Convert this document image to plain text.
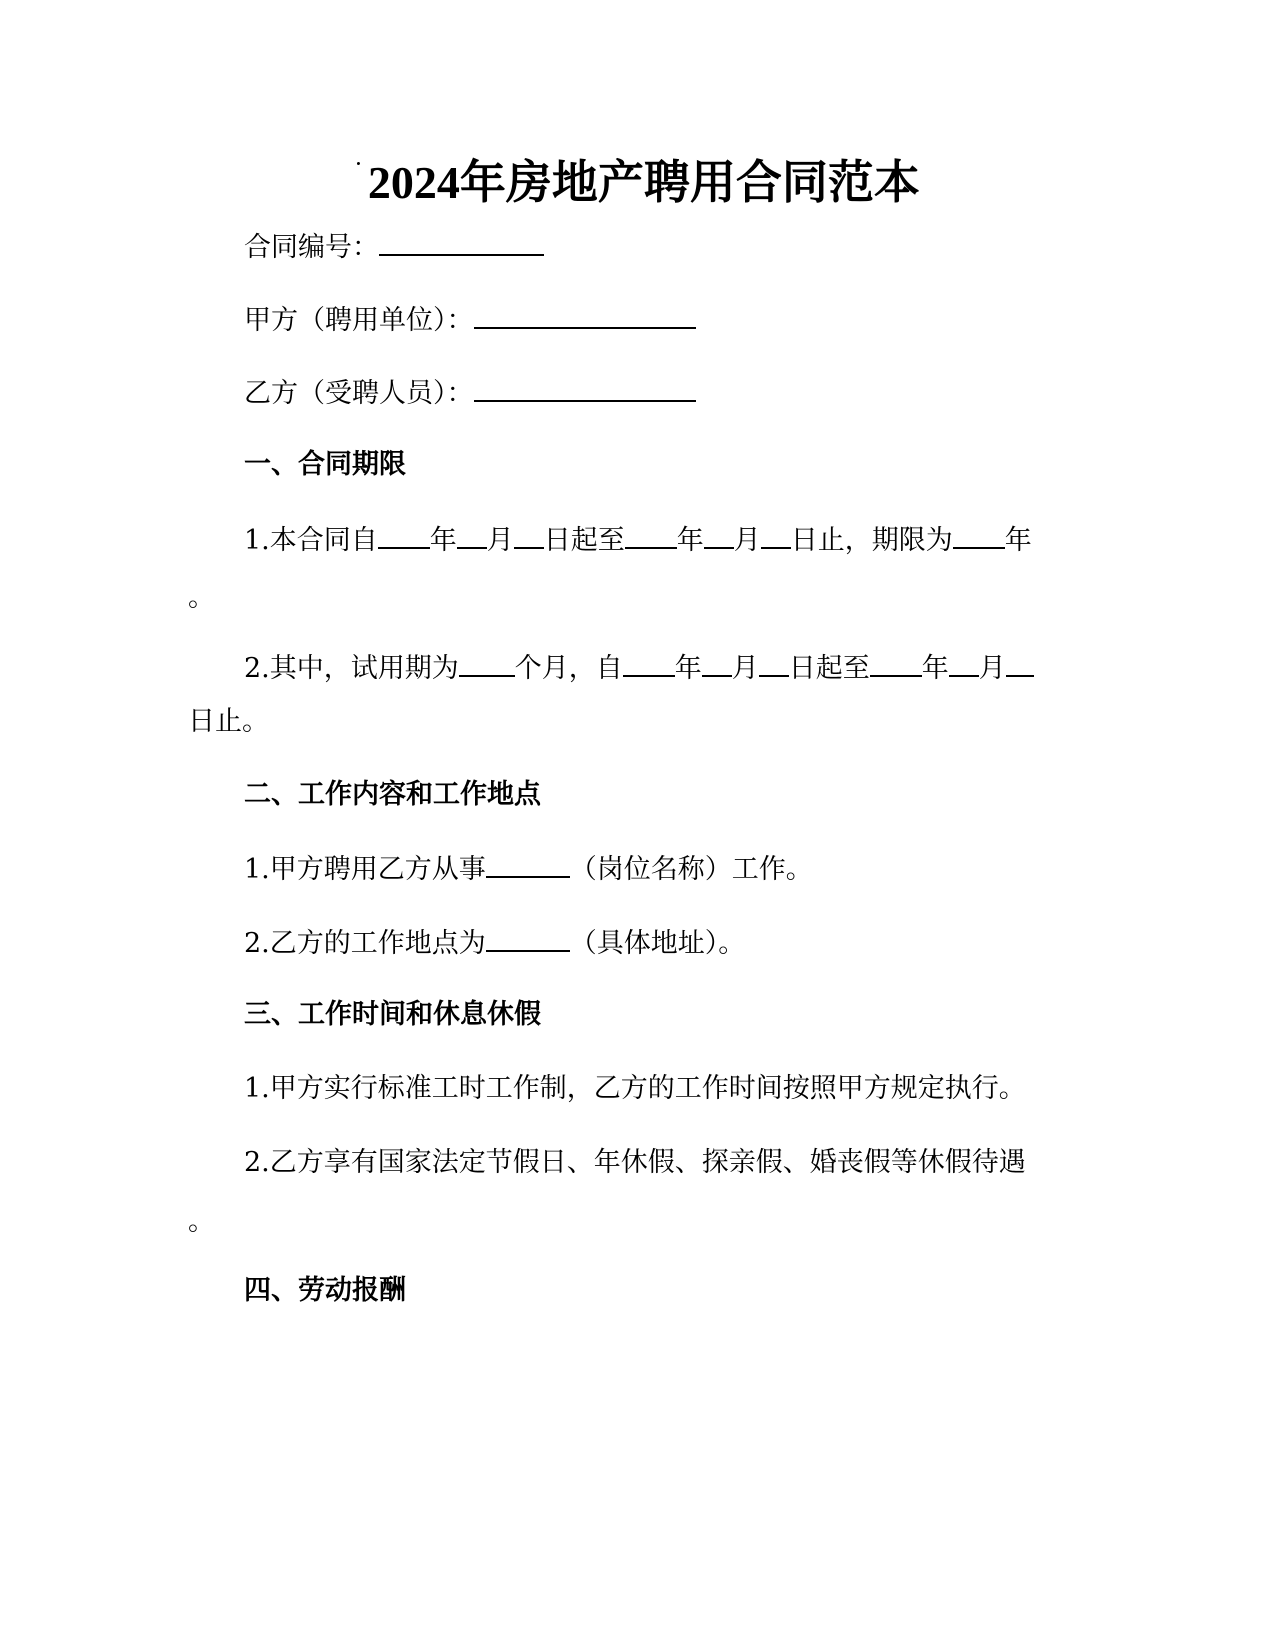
˙ 2024年房地产聘用合同范本
合同编号：
甲方（聘用单位）：
乙方（受聘人员）：
一、合同期限
1.本合同自 年 月 日起至 年 月 日止，期限为 年
。
2.其中，试用期为 个月，自 年 月 日起至 年 月
日止。
二、工作内容和工作地点
1.甲方聘用乙方从事	（岗位名称）工作。
2.乙方的工作地点为	（具体地址）。
三、工作时间和休息休假
1.甲方实行标准工时工作制，乙方的工作时间按照甲方规定执行。
2.乙方享有国家法定节假日、年休假、探亲假、婚丧假等休假待遇
。
四、劳动报酬
